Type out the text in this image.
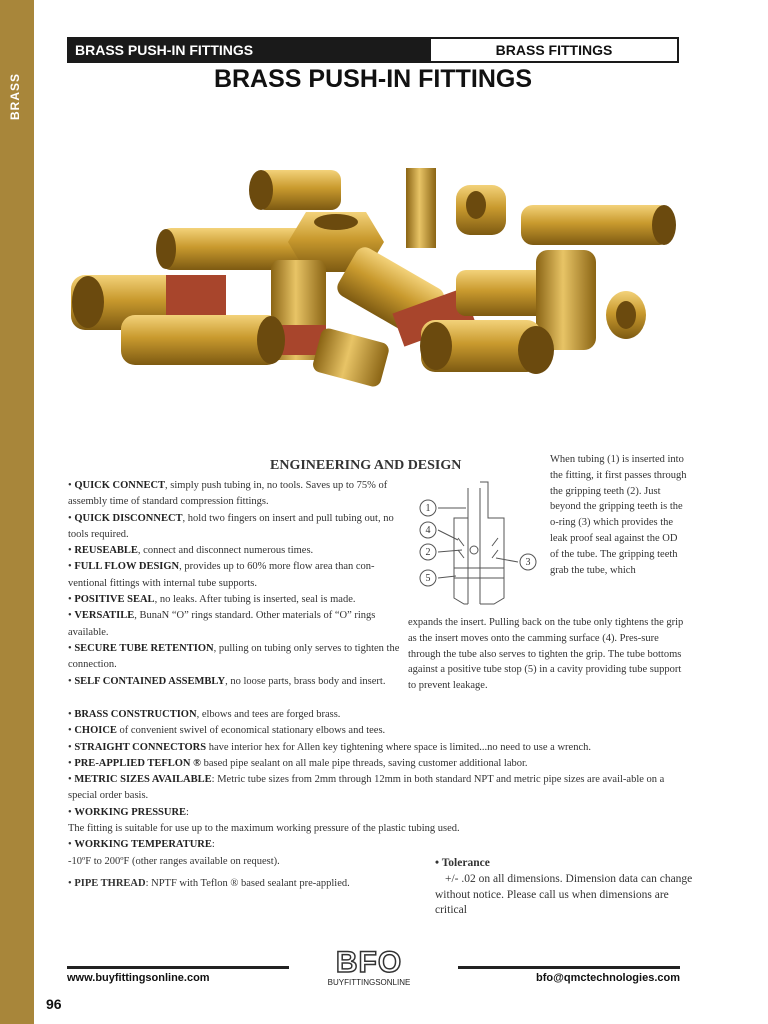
BRASS
BRASS PUSH-IN FITTINGS	BRASS FITTINGS
BRASS PUSH-IN FITTINGS
ENGINEERING AND DESIGN

• QUICK CONNECT, simply push tubing in, no tools. Saves up to 75% of assembly time of standard compression fittings.

• QUICK DISCONNECT, hold two fingers on insert and pull tubing out, no tools required.

• REUSEABLE, connect and disconnect numerous times.

• FULL FLOW DESIGN, provides up to 60% more flow area than con-ventional fittings with internal tube supports.

• POSITIVE SEAL, no leaks. After tubing is inserted, seal is made.

• VERSATILE, BunaN “O” rings standard. Other materials of “O” rings available.

• SECURE TUBE RETENTION, pulling on tubing only serves to tighten the connection.

• SELF CONTAINED ASSEMBLY, no loose parts, brass body and insert.

1
4
2
5
3
When tubing (1) is inserted into the fitting, it first passes through the gripping teeth (2). Just beyond the gripping teeth is the o-ring (3) which provides the leak proof seal against the OD of the tube. The gripping teeth grab the tube, which
expands the insert. Pulling back on the tube only tightens the grip as the insert moves onto the camming surface (4). Pres-sure through the tube also serves to tighten the grip. The tube bottoms against a positive tube stop (5) in a cavity providing tube support to prevent leakage.

• BRASS CONSTRUCTION, elbows and tees are forged brass.

• CHOICE of convenient swivel of economical stationary elbows and tees.

• STRAIGHT CONNECTORS have interior hex for Allen key tightening where space is limited...no need to use a wrench.

• PRE-APPLIED TEFLON ® based pipe sealant on all male pipe threads, saving customer additional labor.

• METRIC SIZES AVAILABLE: Metric tube sizes from 2mm through 12mm in both standard NPT and metric pipe sizes are avail-able on a special order basis.

• WORKING PRESSURE:

The fitting is suitable for use up to the maximum working pressure of the plastic tubing used.

• WORKING TEMPERATURE:

-10ºF to 200ºF (other ranges available on request).

• PIPE THREAD: NPTF with Teflon ® based sealant pre-applied.
• Tolerance
+/- .02 on all dimensions. Dimension data can change without notice. Please call us when dimensions are critical
www.buyfittingsonline.com	bfo@qmctechnologies.com
BFO
BUYFITTINGSONLINE
96
